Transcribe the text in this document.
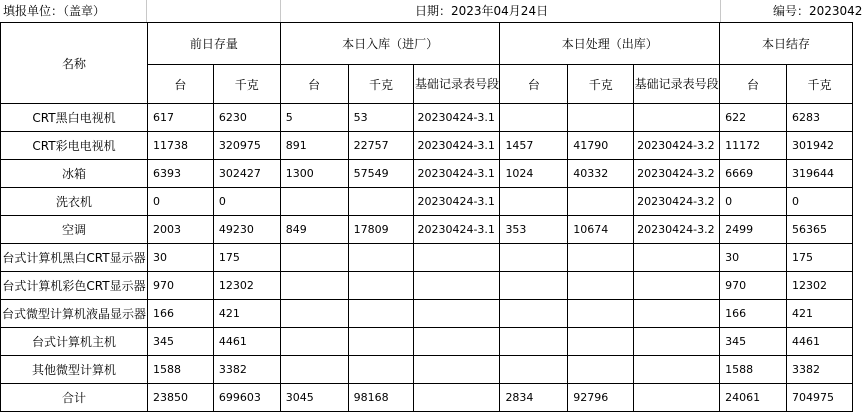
填报单位：（盖章）	日期：2023年04月24日	编号：2023042
名称	前日存量		本日入库（进厂）			本日处理（出库）			本日结存	
	台	千克	台	千克	基础记录表号段	台	千克	基础记录表号段	台	千克
CRT黑白电视机	617	6230	5	53	20230424-3.1				622	6283
CRT彩电电视机	11738	320975	891	22757	20230424-3.1	1457	41790	20230424-3.2	11172	301942
冰箱	6393	302427	1300	57549	20230424-3.1	1024	40332	20230424-3.2	6669	319644
洗衣机	0	0			20230424-3.1			20230424-3.2	0	0
空调	2003	49230	849	17809	20230424-3.1	353	10674	20230424-3.2	2499	56365
台式计算机黑白CRT显示器	30	175							30	175
台式计算机彩色CRT显示器	970	12302							970	12302
台式微型计算机液晶显示器	166	421							166	421
台式计算机主机	345	4461							345	4461
其他微型计算机	1588	3382							1588	3382
合计	23850	699603	3045	98168		2834	92796		24061	704975
